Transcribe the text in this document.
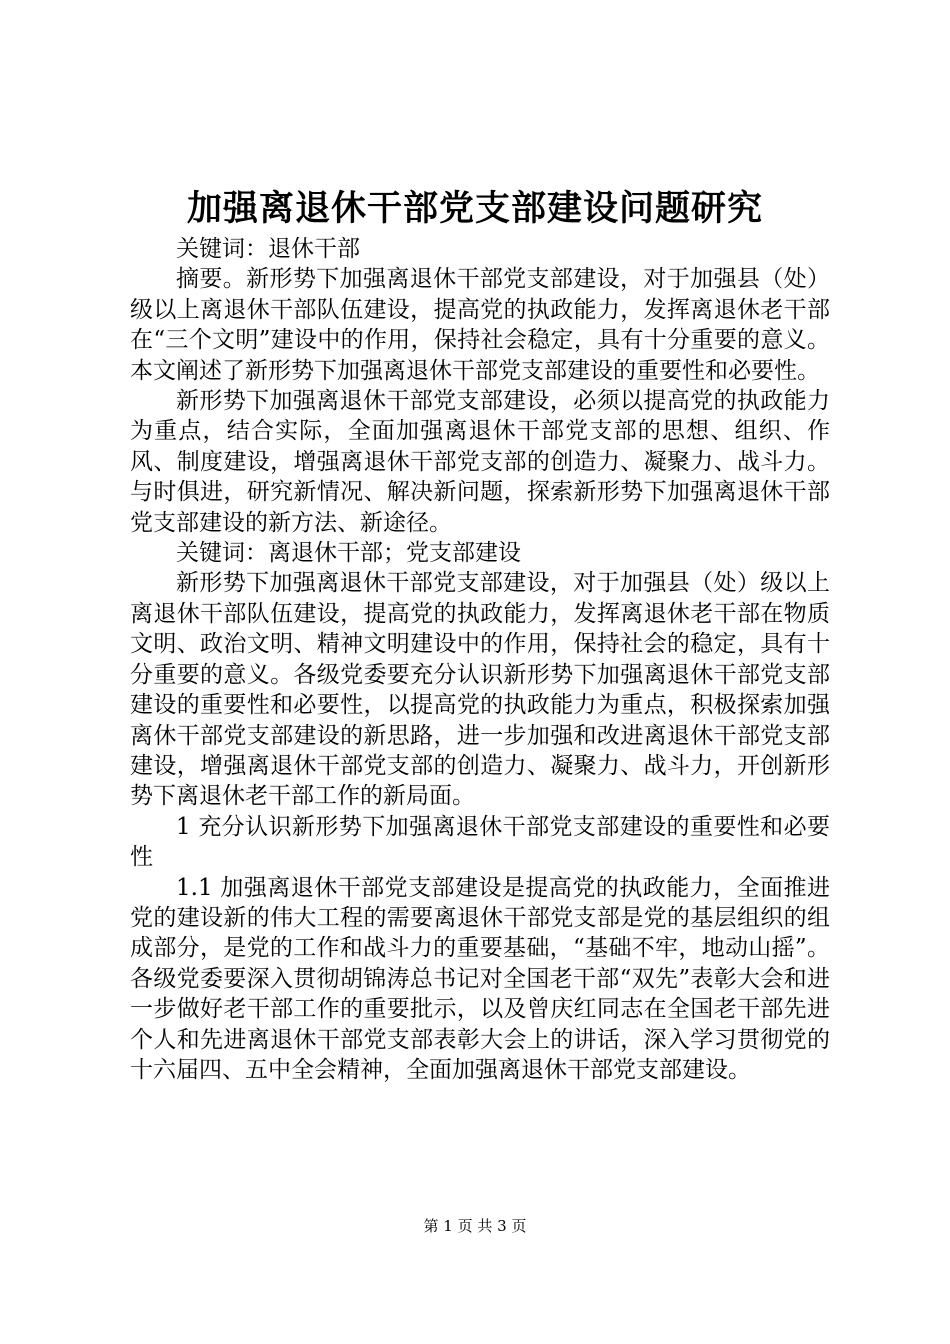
加强离退休干部党支部建设问题研究

关键词：退休干部

摘要。新形势下加强离退休干部党支部建设，对于加强县（处）级以上离退休干部队伍建设，提高党的执政能力，发挥离退休老干部在“三个文明”建设中的作用，保持社会稳定，具有十分重要的意义。本文阐述了新形势下加强离退休干部党支部建设的重要性和必要性。

新形势下加强离退休干部党支部建设，必须以提高党的执政能力为重点，结合实际，全面加强离退休干部党支部的思想、组织、作风、制度建设，增强离退休干部党支部的创造力、凝聚力、战斗力。与时俱进，研究新情况、解决新问题，探索新形势下加强离退休干部党支部建设的新方法、新途径。

关键词：离退休干部；党支部建设

新形势下加强离退休干部党支部建设，对于加强县（处）级以上离退休干部队伍建设，提高党的执政能力，发挥离退休老干部在物质文明、政治文明、精神文明建设中的作用，保持社会的稳定，具有十分重要的意义。各级党委要充分认识新形势下加强离退休干部党支部建设的重要性和必要性，以提高党的执政能力为重点，积极探索加强离休干部党支部建设的新思路，进一步加强和改进离退休干部党支部建设，增强离退休干部党支部的创造力、凝聚力、战斗力，开创新形势下离退休老干部工作的新局面。

1 充分认识新形势下加强离退休干部党支部建设的重要性和必要性

1.1 加强离退休干部党支部建设是提高党的执政能力，全面推进党的建设新的伟大工程的需要离退休干部党支部是党的基层组织的组成部分，是党的工作和战斗力的重要基础，“基础不牢，地动山摇”。各级党委要深入贯彻胡锦涛总书记对全国老干部“双先”表彰大会和进一步做好老干部工作的重要批示，以及曾庆红同志在全国老干部先进个人和先进离退休干部党支部表彰大会上的讲话，深入学习贯彻党的十六届四、五中全会精神，全面加强离退休干部党支部建设。

第 1 页 共 3 页
